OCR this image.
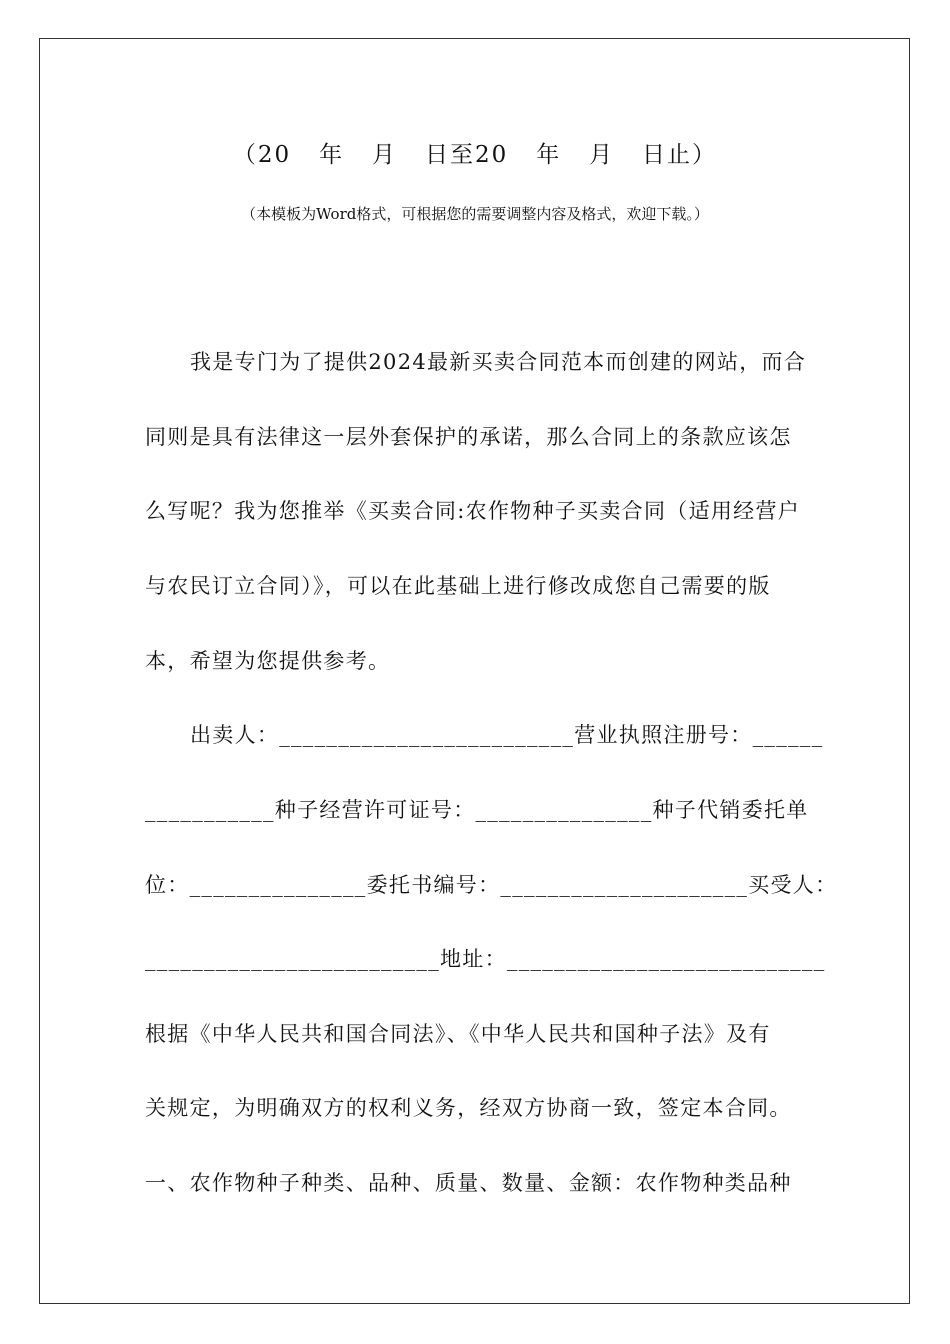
（20   年   月   日至20   年   月   日止）
（本模板为Word格式，可根据您的需要调整内容及格式，欢迎下载。）
我是专门为了提供2024最新买卖合同范本而创建的网站，而合
同则是具有法律这一层外套保护的承诺，那么合同上的条款应该怎
么写呢？我为您推举《买卖合同:农作物种子买卖合同（适用经营户
与农民订立合同）》，可以在此基础上进行修改成您自己需要的版
本，希望为您提供参考。
出卖人：_________________________营业执照注册号：______
___________种子经营许可证号：_______________种子代销委托单
位：_______________委托书编号：_____________________买受人：
_________________________地址：___________________________
根据《中华人民共和国合同法》、《中华人民共和国种子法》及有
关规定，为明确双方的权利义务，经双方协商一致，签定本合同。
一、农作物种子种类、品种、质量、数量、金额：农作物种类品种
